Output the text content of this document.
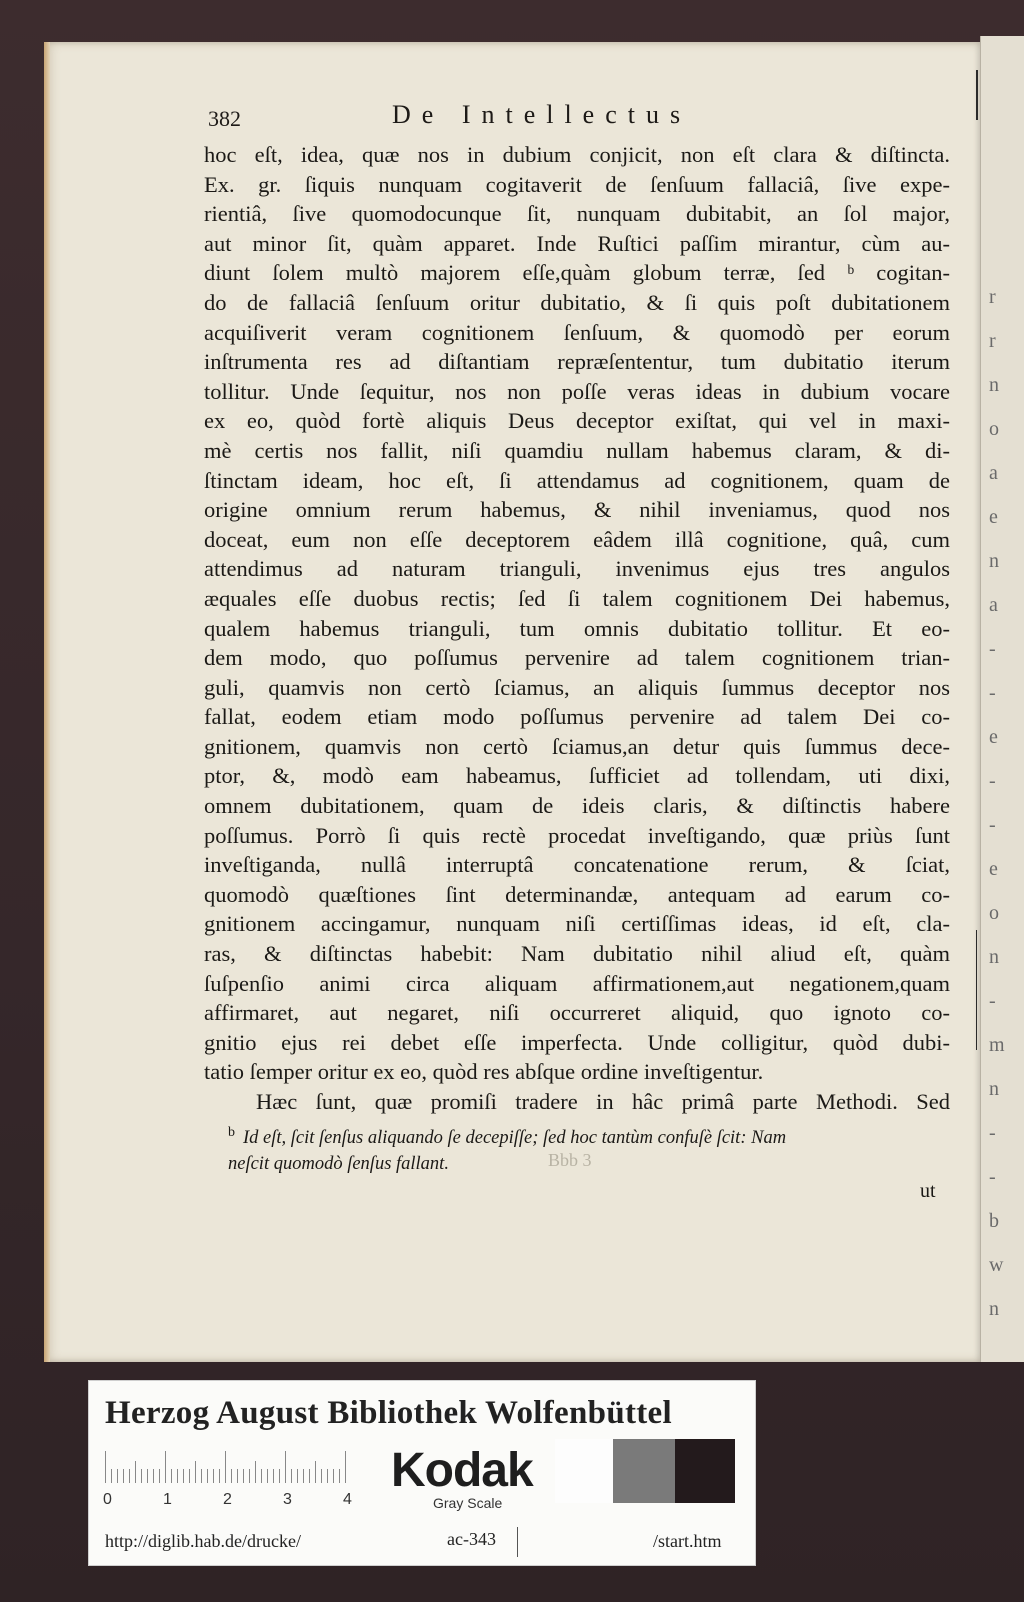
r
r
n
o
a
e
n
a
-
-
e
-
-
e
o
n
-
m
n
-
-
b
w
n
382	De Intellectus
hoc eſt, idea, quæ nos in dubium conjicit, non eſt clara & diſtincta.
Ex. gr. ſiquis nunquam cogitaverit de ſenſuum fallaciâ, ſive expe-
rientiâ, ſive quomodocunque ſit, nunquam dubitabit, an ſol major,
aut minor ſit, quàm apparet. Inde Ruſtici paſſim mirantur, cùm au-
diunt ſolem multò majorem eſſe,quàm globum terræ, ſed ᵇ cogitan-
do de fallaciâ ſenſuum oritur dubitatio, & ſi quis poſt dubitationem
acquiſiverit veram cognitionem ſenſuum, & quomodò per eorum
inſtrumenta res ad diſtantiam repræſententur, tum dubitatio iterum
tollitur. Unde ſequitur, nos non poſſe veras ideas in dubium vocare
ex eo, quòd fortè aliquis Deus deceptor exiſtat, qui vel in maxi-
mè certis nos fallit, niſi quamdiu nullam habemus claram, & di-
ſtinctam ideam, hoc eſt, ſi attendamus ad cognitionem, quam de
origine omnium rerum habemus, & nihil inveniamus, quod nos
doceat, eum non eſſe deceptorem eâdem illâ cognitione, quâ, cum
attendimus ad naturam trianguli, invenimus ejus tres angulos
æquales eſſe duobus rectis; ſed ſi talem cognitionem Dei habemus,
qualem habemus trianguli, tum omnis dubitatio tollitur. Et eo-
dem modo, quo poſſumus pervenire ad talem cognitionem trian-
guli, quamvis non certò ſciamus, an aliquis ſummus deceptor nos
fallat, eodem etiam modo poſſumus pervenire ad talem Dei co-
gnitionem, quamvis non certò ſciamus,an detur quis ſummus dece-
ptor, &, modò eam habeamus, ſufficiet ad tollendam, uti dixi,
omnem dubitationem, quam de ideis claris, & diſtinctis habere
poſſumus. Porrò ſi quis rectè procedat inveſtigando, quæ priùs ſunt
inveſtiganda, nullâ interruptâ concatenatione rerum, & ſciat,
quomodò quæſtiones ſint determinandæ, antequam ad earum co-
gnitionem accingamur, nunquam niſi certiſſimas ideas, id eſt, cla-
ras, & diſtinctas habebit: Nam dubitatio nihil aliud eſt, quàm
ſuſpenſio animi circa aliquam affirmationem,aut negationem,quam
affirmaret, aut negaret, niſi occurreret aliquid, quo ignoto co-
gnitio ejus rei debet eſſe imperfecta. Unde colligitur, quòd dubi-
tatio ſemper oritur ex eo, quòd res abſque ordine inveſtigentur.
Hæc ſunt, quæ promiſi tradere in hâc primâ parte Methodi. Sed
Bbb 3
$^b$ Id eſt, ſcit ſenſus aliquando ſe decepiſſe; ſed hoc tantùm confuſè ſcit: Nam
neſcit quomodò ſenſus fallant.
ut
Herzog August Bibliothek Wolfenbüttel
0	1	2	3	4
Kodak
Gray Scale
http://diglib.hab.de/drucke/	ac-343	/start.htm
